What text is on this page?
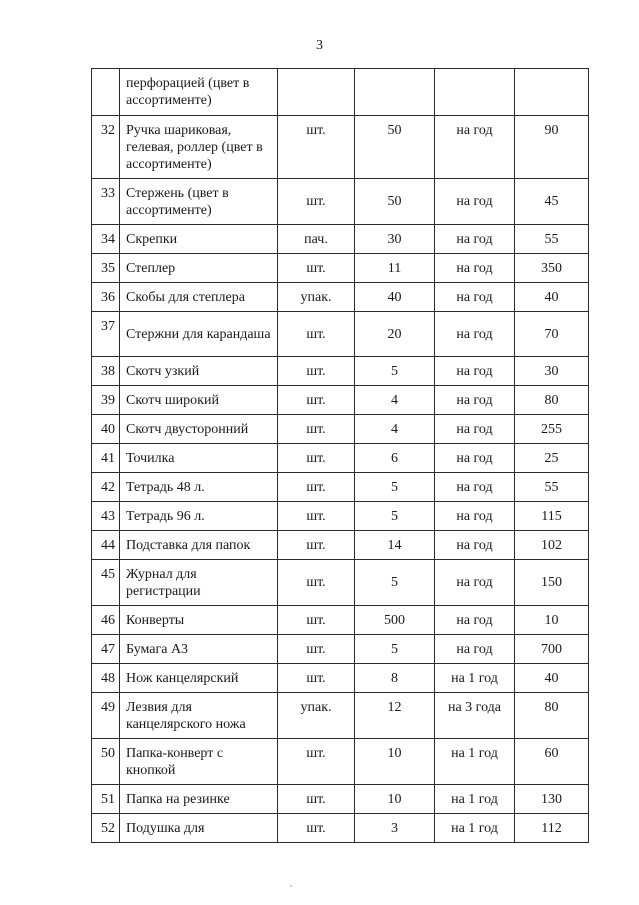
3
	перфорацией (цвет в ассортименте)				
32	Ручка шариковая, гелевая, роллер (цвет в ассортименте)	шт.	50	на год	90
33	Стержень (цвет в ассортименте)	шт.	50	на год	45
34	Скрепки	пач.	30	на год	55
35	Степлер	шт.	11	на год	350
36	Скобы для степлера	упак.	40	на год	40
37	Стержни для карандаша	шт.	20	на год	70
38	Скотч узкий	шт.	5	на год	30
39	Скотч широкий	шт.	4	на год	80
40	Скотч двусторонний	шт.	4	на год	255
41	Точилка	шт.	6	на год	25
42	Тетрадь 48 л.	шт.	5	на год	55
43	Тетрадь 96 л.	шт.	5	на год	115
44	Подставка для папок	шт.	14	на год	102
45	Журнал для регистрации	шт.	5	на год	150
46	Конверты	шт.	500	на год	10
47	Бумага А3	шт.	5	на год	700
48	Нож канцелярский	шт.	8	на 1 год	40
49	Лезвия для канцелярского ножа	упак.	12	на 3 года	80
50	Папка-конверт с кнопкой	шт.	10	на 1 год	60
51	Папка на резинке	шт.	10	на 1 год	130
52	Подушка для	шт.	3	на 1 год	112
